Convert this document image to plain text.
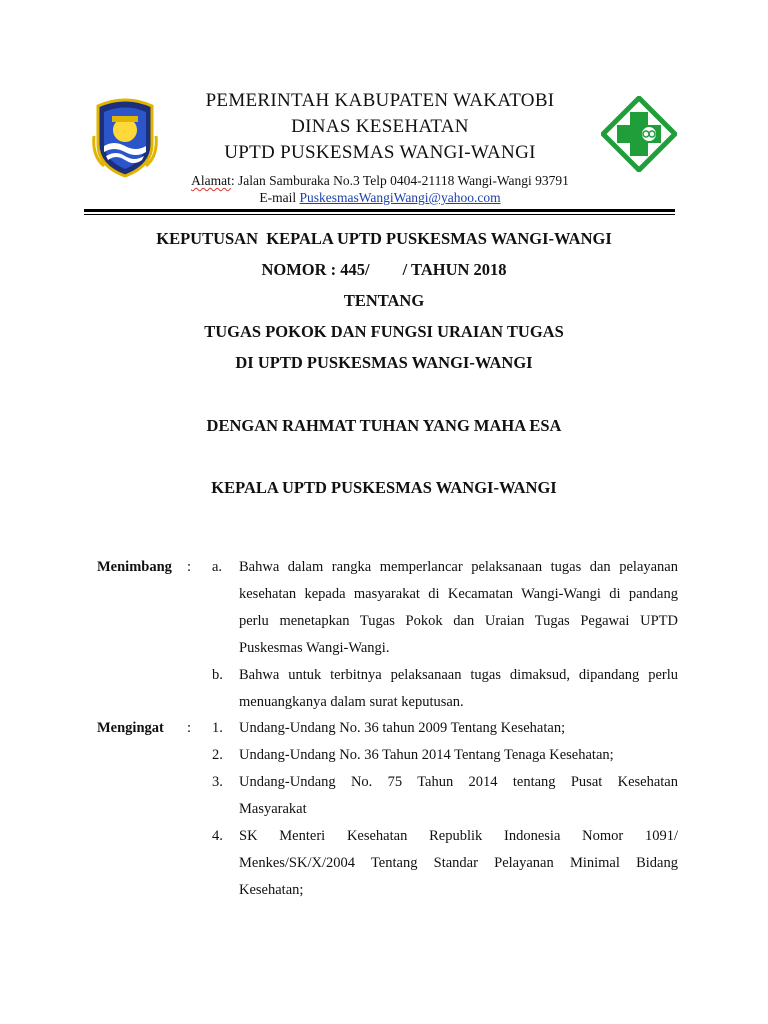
PEMERINTAH KABUPATEN WAKATOBI
DINAS KESEHATAN
UPTD PUSKESMAS WANGI-WANGI
Alamat: Jalan Samburaka No.3 Telp 0404-21118 Wangi-Wangi 93791
E-mail PuskesmasWangiWangi@yahoo.com
KEPUTUSAN  KEPALA UPTD PUSKESMAS WANGI-WANGI
NOMOR : 445/        / TAHUN 2018
TENTANG
TUGAS POKOK DAN FUNGSI URAIAN TUGAS
DI UPTD PUSKESMAS WANGI-WANGI
DENGAN RAHMAT TUHAN YANG MAHA ESA
KEPALA UPTD PUSKESMAS WANGI-WANGI
Menimbang : a. Bahwa dalam rangka memperlancar pelaksanaan tugas dan pelayanan

kesehatan kepada masyarakat di Kecamatan Wangi-Wangi di pandang

perlu menetapkan Tugas Pokok dan Uraian Tugas Pegawai UPTD

Puskesmas Wangi-Wangi.

b. Bahwa untuk terbitnya pelaksanaan tugas dimaksud, dipandang perlu

menuangkanya dalam surat keputusan.

Mengingat : 1. Undang-Undang No. 36 tahun 2009 Tentang Kesehatan;

2. Undang-Undang No. 36 Tahun 2014 Tentang Tenaga Kesehatan;

3. Undang-Undang No. 75 Tahun 2014 tentang Pusat Kesehatan

Masyarakat

4. SK Menteri Kesehatan Republik Indonesia Nomor 1091/

Menkes/SK/X/2004 Tentang Standar Pelayanan Minimal Bidang

Kesehatan;
